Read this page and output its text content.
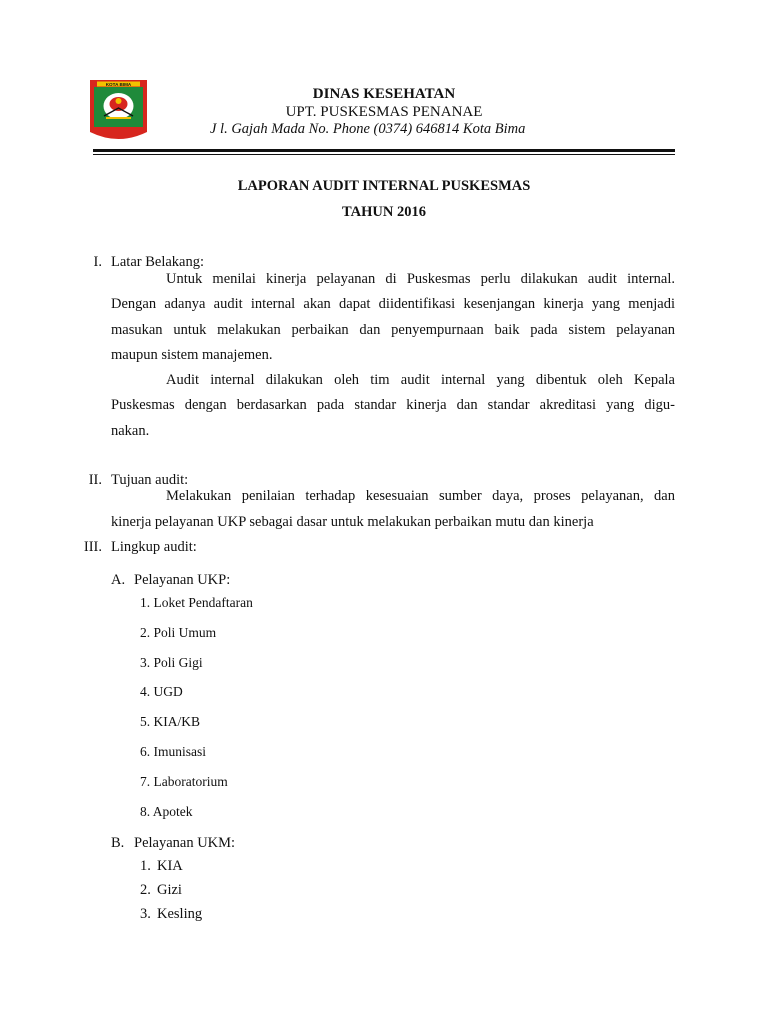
KOTA BIMA
DINAS KESEHATAN
UPT. PUSKESMAS PENANAE
J l. Gajah Mada No. Phone (0374) 646814 Kota Bima
LAPORAN AUDIT INTERNAL PUSKESMAS
TAHUN 2016
I. Latar Belakang:
Untuk menilai kinerja pelayanan di Puskesmas perlu dilakukan audit internal.
Dengan adanya audit internal akan dapat diidentifikasi kesenjangan kinerja yang menjadi
masukan untuk melakukan perbaikan dan penyempurnaan baik pada sistem pelayanan
maupun sistem manajemen.
Audit internal dilakukan oleh tim audit internal yang dibentuk oleh Kepala
Puskesmas dengan berdasarkan pada standar kinerja dan standar akreditasi yang digu-
nakan.
II. Tujuan audit:
Melakukan penilaian terhadap kesesuaian sumber daya, proses pelayanan, dan
kinerja pelayanan UKP sebagai dasar untuk melakukan perbaikan mutu dan kinerja
III. Lingkup audit:
A. Pelayanan UKP:
1. Loket Pendaftaran
2. Poli Umum
3. Poli Gigi
4. UGD
5. KIA/KB
6. Imunisasi
7. Laboratorium
8. Apotek
B. Pelayanan UKM:
1. KIA
2. Gizi
3. Kesling
